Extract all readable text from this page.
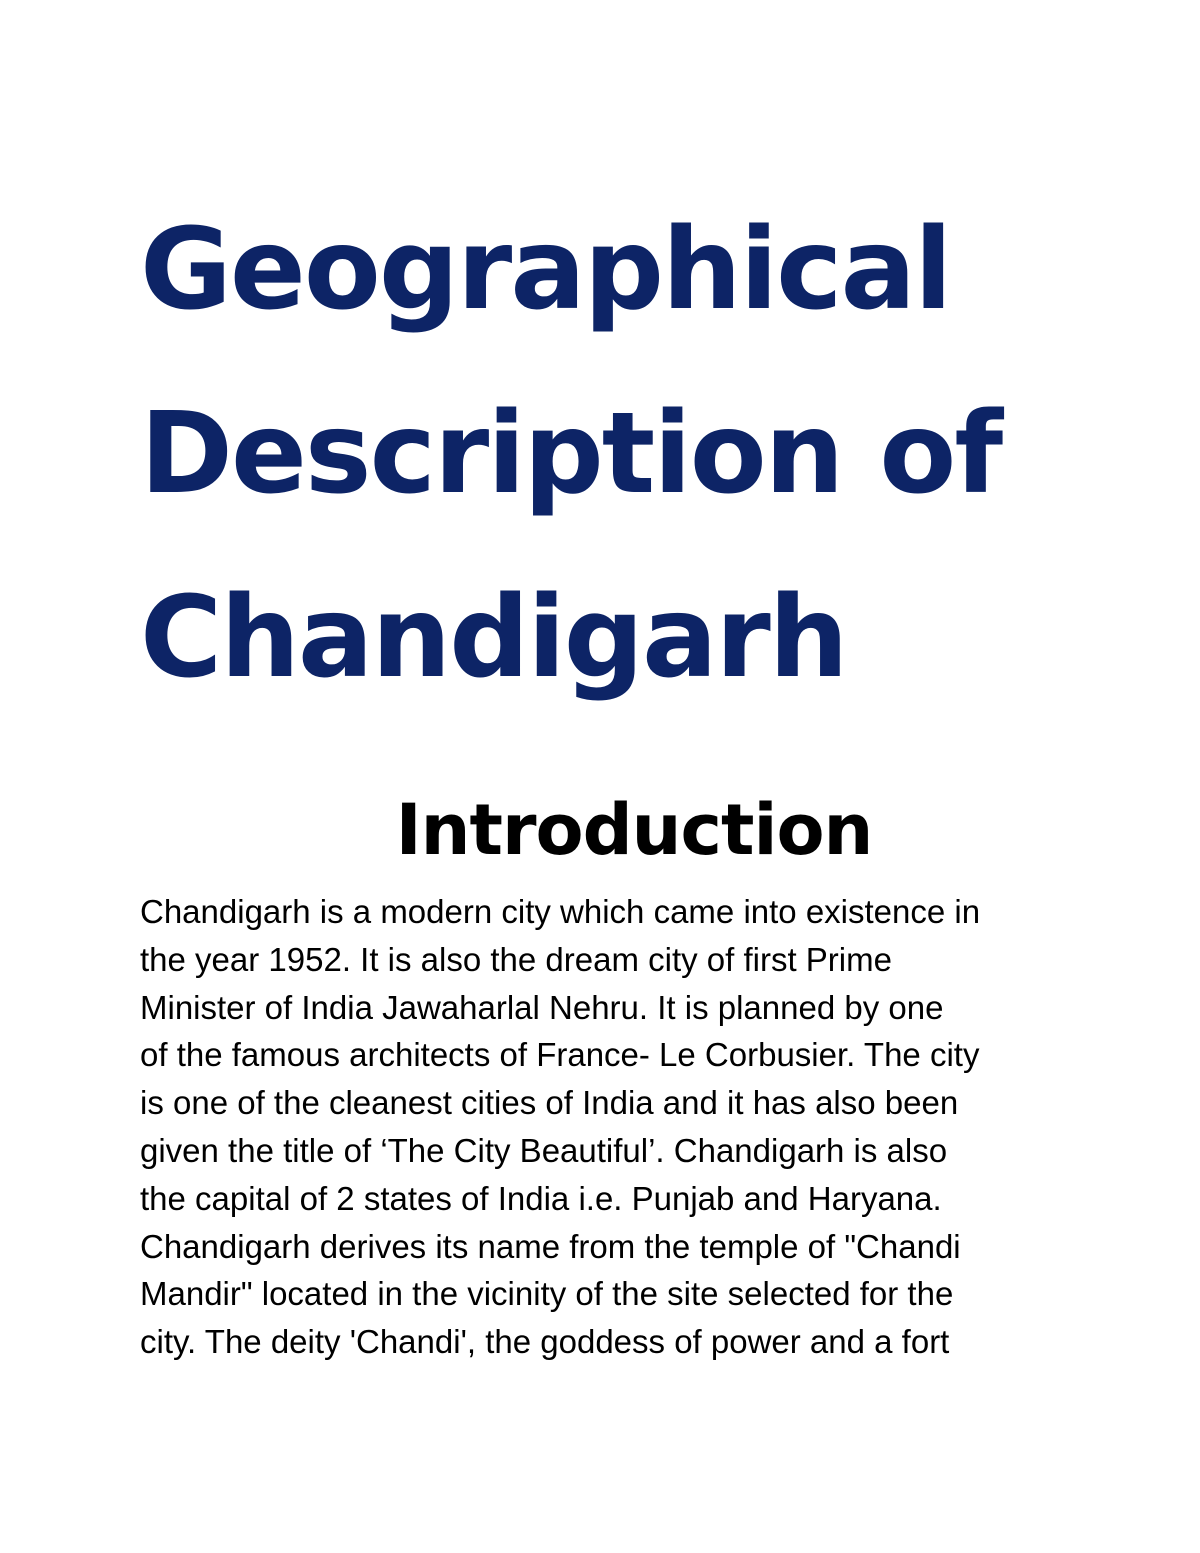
Geographical
Description of
Chandigarh
Introduction
Chandigarh is a modern city which came into existence in
the year 1952. It is also the dream city of first Prime
Minister of India Jawaharlal Nehru. It is planned by one
of the famous architects of France- Le Corbusier. The city
is one of the cleanest cities of India and it has also been
given the title of ‘The City Beautiful’. Chandigarh is also
the capital of 2 states of India i.e. Punjab and Haryana.
Chandigarh derives its name from the temple of "Chandi
Mandir" located in the vicinity of the site selected for the
city. The deity 'Chandi', the goddess of power and a fort
